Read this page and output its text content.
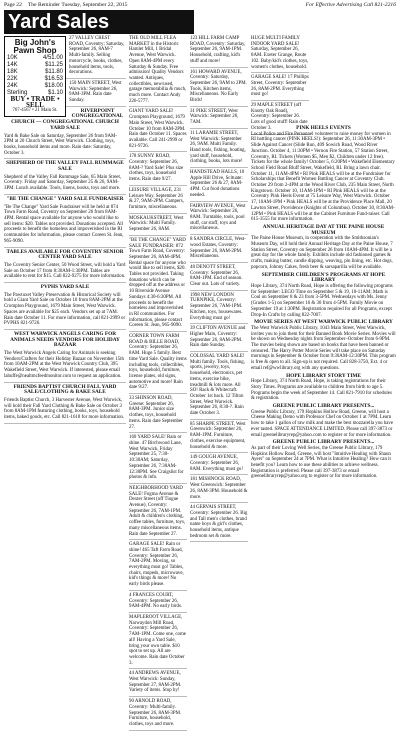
Page 22 The Reminder Tuesday, September 22, 2015	For Effective Advertising Call 821-2216
Yard Sales
Big John's Pawn Shop
10K	4/51.00
14K	$11.25
18K	$11.80
22K	$16.53
24K	$18.00
Sterling	$1.10
BUY • TRADE • SELL
767-4567 • 21 Main St.

27 VALLEY CREST ROAD, Coventry; Saturday, September 26, 8AM-7 Multi-family. Selling motorcycle, books, clothes, household items, tools, decorations.

150 MAIN STREET, West Warwick: September 26, 9AM-3PM. Rain date Sunday.

RIVERPOINT CONGREGATIONAL CHURCH — CONGREGATIONAL CHURCH YARD SALE

Yard & Bake Sale on Saturday, September 26 from 9AM-2PM at 20 Church Street, West Warwick. Clothing, toys, books, household items and more. Rain date: Saturday, October 3.

SHEPHERD OF THE VALLEY FALL RUMMAGE SALE

Shepherd of the Valley Fall Rummage Sale, 65 Main Street, Coventry. Friday and Saturday, September 25 & 26, 9AM-3PM. Lunch available. Tools, linens, books, toys and more.

"BE THE CHANGE" YARD SALE FUNDRAISER

"Be The Change" Yard Sale Fundraiser will be held at 874 Town Farm Road, Coventry on September 26 from 8AM-4PM. Rental space available for anyone who would like to sell items: $20. Tables not provided. Donations accepted. All proceeds to benefit the homeless and impoverished in the RI communities for information, please contact Coreen St. Jean, 965-9090.

TABLES AVAILABLE FOR COVENTRY SENIOR CENTER YARD SALE

The Coventry Senior Center, 50 Wood Street, will hold a Yard Sale on October 17 from 8:30AM-1:30PM. Tables are available to rent for $15. Call 822-9275 for more information.

PVPHS YARD SALE

The Pawtuxet Valley Preservation & Historical Society will hold a Giant Yard Sale on October 10 from 8AM-2PM at the Crompton Playground, 1679 Main Street, West Warwick. Spaces are available for $25 each. Vendors set up at 7AM. Rain date October 11. For more information, call 821-2999 or PVPHS 821-9726.

WEST WARWICK ANGELS CARING FOR ANIMALS NEEDS VENDORS FOR HOLIDAY BAZAAR

The West Warwick Angels Caring for Animals is seeking Vendors/Crafters for their Holiday Bazaar on November 15th from 10AM-2PM at the West Warwick Country Club, 395 Wakefield Street, West Warwick. If interested, please email lahuffe@nealtmcfeedmonitor.com to request an application.

FRIENDS BAPTIST CHURCH FALL YARD SALE/CLOTHING & BAKE SALE

Friends Baptist Church, 3 Harvester Avenue, West Warwick, will hold their Fall Yard Clothing & Bake Sale on October 3 from 8AM-1PM featuring clothing, books, toys, household items, baked goods, etc. Call 821-1618 for more information.

THE OLD MILL FLEA MARKET in the Historic Hamlet Mill, 1 Bridal Avenue, West Warwick. Open 8AM-4PM every Saturday & Sunday. Free admission! Quality Vendors wanted. Antiques, collectibles, new/used, garage memorabilia & much, much more. Contact Andy 226-5777.

GIANT YARD SALE! Crompton Playground, 1679 Main Street, West Warwick. October 10 from 8AM-2PM. Rain date October 11. Spaces available. Call 241-2999 or 821-9726.

178 SUNNY ROAD, Coventry: September 26, 8AM-? Yard Sale! Plus size clothes, toys, household items. Rain date 9/27.

LEISURE VILLAGE, 231 Leisure Way. September 26 & 27, 9AM-2PM. Campers, furniture, miscellaneous.

MOSKAUKSTREET, West Warwick: Multi Family. September 26, 8AM.

"BE THE CHANGE" YARD SALE FUNDRAISER: 872 Town Farm Road, Coventry: September 26, 8AM-4PM. Rental space for anyone who would like to sell items, $20. Tables not provided. Taking donations which can be dropped off at the address or 10 Riverside Avenue Sundays 4:30-6:30PM. All proceeds to benefit the homeless and impoverished in RI communities. For information, please contact Coreen St. Jean, 965-9090.

CORNER TOWN FARM ROAD & BILLE ROAD, Coventry: September 26, 8AM. Huge 5 family. Best time Yard Sale. Quality items including tools, collectibles, toys, household, furniture, license plates, old signs, automotive and more! Rain date 9/27.

33 SHINSON ROAD, Greene: September 26, 8AM-3PM. Junior size clothes, toys, household items. Rain date September 27.

160 YARD SALE! Rain or shine. 47 Birchwood Lane, West Warwick, Friday September 25, 7:30-10:30AM; Saturday, September 26, 7:30AM-12:30PM. See Craigslist for photos & info.

NEIGHBORHOOD YARD SALE! Fogma Avenue & Dexter Street (off Tiogue Avenue), Coventry: September 26, 7AM-1PM. Adult & children's clothing, coffee tables, furniture, toys, many miscellaneous items. Rain date September 27.

GARAGE SALE! Rain or shine! 465 Taft Farm Road, Coventry: September 26, 7AM-2PM. Moving, so everything must go! Tables, chairs, mopeds, microwave, kid's things & more! No early birds please.

4 FRANCES COURT, Coventry: September 26, 9AM-4PM. No early birds.

MAPLEROOT VILLAGE, Narwaydon Mill Road, Coventry: September 26, 7AM-1PM. Come one, come all! Having a Yard Sale, bring your own table. $10 spot to set up. All are welcome. Rain date October 3.

44 ANDREWS AVENUE, West Warwick: Sunday, September 27, 8AM-2PM. Variety of items. Stop by!

90 ARNOLD ROAD, Coventry: Multi-family. September 26, 8AM-3PM. Furniture, household, clothes, toys and more.

123 HILL FARM CAMP ROAD, Coventry: Saturday, September 26, 9AM-1PM. Household, crafting, kid's stuff and more!

161 HOWARD AVENUE, Coventry: Saturday, September 26, 9AM to 2PM. Tools, Kitchen items, Miscellaneous. No Early Birds!

31 PIKE STREET, West Warwick: September 26, 7AM.

11 LARAMIE STREET, West Warwick: September 26, 9AM. Multi Family. Hand tools, fishing, boating, yard stuff, household, clothing, books, lots more!

HANDSTEAD HALLS, 10 Apple Hill Drive, Scituate: September 26 & 27, 8AM-4PM. Cut food donations needed.

FAIRVIEW AVENUE, West Warwick: September 26, 8AM. Turntable, tools, pool stuff, car stuff, toys and miscellaneous.

8 SANDRA CIRCLE, West-wood Estates, Coventry: September 26, 8AM-2PM. Miscellaneous.

48 DENOTT STREET, Coventry: September 26, 8AM-1PM. End of season. Clear out. Lots of variety.

1998 NEW LONDON TURNPIKE, Coventry: September 26, 7AM-1PM. Kitchen, toys, housewares. Everything must go!

39 CLIFTON AVENUE and Higher Main, Coventry: September 26, 8AM-2PM. Rain date Sunday.

COLOSSAL YARD SALE! Multi family. Tools, fishing, sports, jewelry, toys, household, electronics, pet items, exercise bike, treadmill & lots more. All SO! Rack & Whitecraft. October 1st back. 12 Tilton Street, West Warwick. September 26, 8:30-?. Rain date October 3.

85 SHARPE STREET, West Greenwich: September 26, 8AM-1PM. Furniture, clothes, exercise equipment, household & more.

149 GOUGH AVENUE, Coventry: September 26, 8AM. Everything must go!

181 MISHNOCK ROAD, West Greenwich: September 26, 8AM-3PM. Household & more.

44 GERVAIS STREET, Coventry: September 26. Big and Tall men's clothes, brand name boys & girl's clothes, household items, antique bedroom set & more.

HUGE MULTI FAMILY INDOOR YARD SALE! Saturday, September 26, 8AM. Exeter Grange, Route 102. Baby/kid's clothes, toys, women's clothes, household.

GARAGE SALE! 17 Phillips Street, Coventry: September 26, 8AM-2PM. Everything must go!

29 MAPLE STREET (off Knotty Oak Road), Coventry: September 26. Lots of good stuff! Rain date October 3.	PINK HEELS EVENTS

Local Police and Fire Personnel volunteer to raise money for women in RI battling cancer (PINK HEELS!): September 26, 11:30AM-3PM • Slide Against Cancer (Slide Run, 409 Sowich Road, Wood River Junction. October 4, 11:30PM • Vernon Fire Station, 57 Station Street, Coventry, RI. Tickets (Women $5, Men $2, Children under 12 free). Tickets for the whole family! October 5, 6:20PM • Wakefield Elementary School Field Road Bluff Street, Wakefield, RI. Bring a lawn chair. October 11, 11AM-4PM • RI Pink HEALS will be at the Fundraiser for Scholarships that Benefit Women Battling Cancer at Coventry Club. October 29 from 2-4PM at the Wood River Club, 235 Main Street, North Kingstown. October 10, 11AM-1PM • RI Pink HEALS will be at the Coventry Pink Heels Event at 75 Leisure Way, West Warwick. October 17, 10AM-1PM • Pink HEALS will be at the Providence Place Mall, 20 Lawton Street, Providence (Knights of Columbus). October 30, 8:30AM-12PM • Pink HEALS will be at the Cabinet Furniture Fund-raiser. Call 615-3555 for more information.

ANNUAL HERITAGE DAY AT THE PAINE HOUSE MUSEUM

The Paine House Museum, in cooperation with the Smithsonian's Museum Day, will hold their Annual Heritage Day at the Paine House, 7 Station Street, Coventry on September 26 from 10AM-4PM. It will be a great day for the whole family. Exhibits include old fashioned games & crafts, making butter, candle dipping, weaving, pin lining, etc. Hot dogs, popcorn, Johnny Cakes, fresh beer & sarsaparilla will be available.

SEPTEMBER CHILDREN'S PROGRAMS AT HOPE LIBRARY

Hope Library, 374 North Road, Hope is offering the following programs for September: LEGO Time on September 5 & 19, 10-11AM; Math is Cool on September 8 & 23 from 3-5PM. Wednesdays with Ms. Jenny (Grades 1-5) on September 16 & 30 from 4-5PM. Family Movie on September 19 at 1:30PM. Registration required for all Programs, except Drop-In Crafts by calling 822-7007.

MOVIE SERIES AT WEST WARWICK PUBLIC LIBRARY

The West Warwick Public Library, 1043 Main Street, West Warwick, invites you to join them for their Banned Book Movie Series. Movies will be shown on Wednesday nights from September–October from 6-9PM. The movies being shown are based on books that have been banned or censored. The Harry Potter Movie Series will take place on Saturday mornings in September & October from 9:30AM-12:30PM. This program is free & open to all. Sign-up is not required. Call 828-3750, Ext. 4 or email ref@wwlibrary.org with any questions.

HOPE LIBRARY STORY TIME

Hope Library, 374 North Road, Hope, is taking registrations for their Story Times. Programs are available to children from birth to age 5. Programs begin the week of September 14. Call 821-7910 for schedules & registration.

GREENE PUBLIC LIBRARY PRESENTS...

Greene Public Library, 179 Hopkins Hollow Road, Greene, will host a Cheese Making Demo with Professor Chef on October 1 at 7PM. Learn how to take 1 gallon of raw milk and make the best mozzarella you have ever tasted. SPACE ATTENDANCE LIMITED. Please call 397-3873 or email greenelibraryrep@yahoo.com to register or for more information.

GREENE PUBLIC LIBRARY PRESENTS...

As part of their Loving Well Series, the Greene Public Library, 179 Hopkins Hollow Road, Greene, will host "Intuitive Healing with Shaun Ayers" on September 24 at 7PM. What is Intuitive Healing? How can it benefit you? Learn how to use these abilities to achieve wellness. Registration is preferred. Please call 397-3873 or email greenelibraryrep@yahoo.org to register or for more information.
